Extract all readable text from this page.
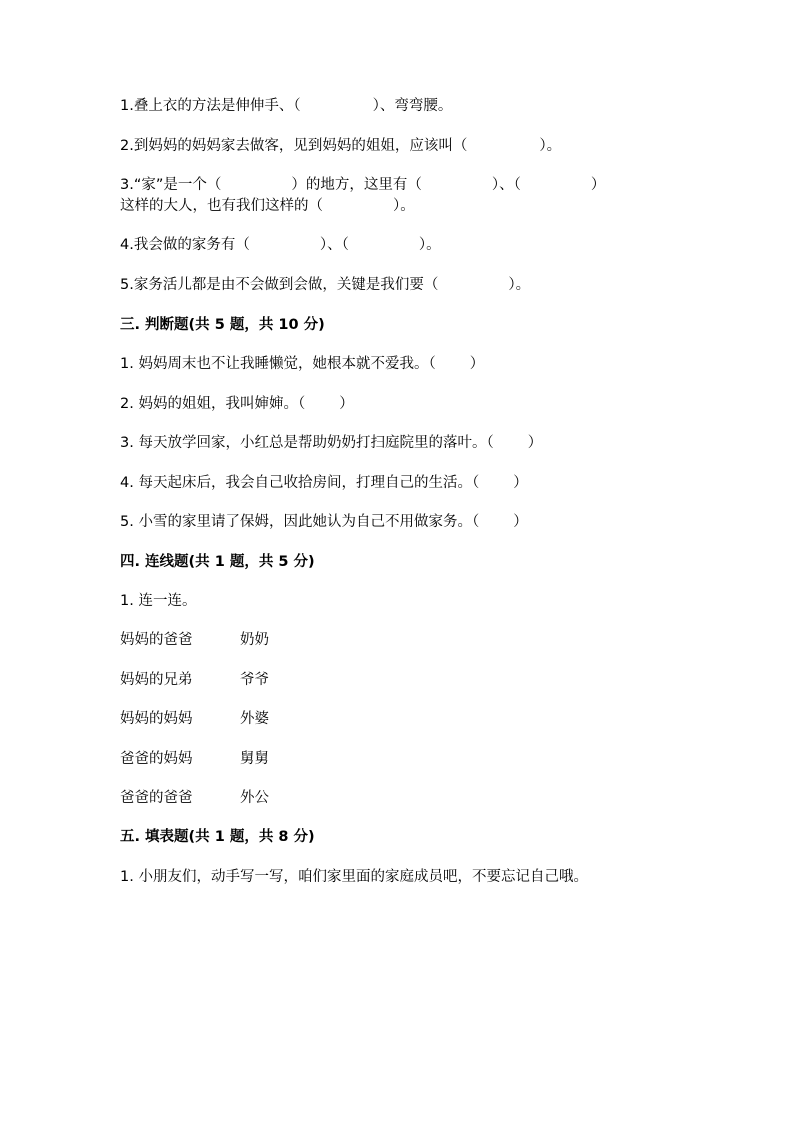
1.叠上衣的方法是伸伸手、（	）、弯弯腰。
2.到妈妈的妈妈家去做客，见到妈妈的姐姐，应该叫（	）。
3.“家”是一个（	）的地方，这里有（	）、（	）
这样的大人，也有我们这样的（	）。
4.我会做的家务有（	）、（	）。
5.家务活儿都是由不会做到会做，关键是我们要（	）。
三. 判断题(共 5 题，共 10 分)
1. 妈妈周末也不让我睡懒觉，她根本就不爱我。（ ）
2. 妈妈的姐姐，我叫婶婶。（ ）
3. 每天放学回家，小红总是帮助奶奶打扫庭院里的落叶。（ ）
4. 每天起床后，我会自己收拾房间，打理自己的生活。（ ）
5. 小雪的家里请了保姆，因此她认为自己不用做家务。（ ）
四. 连线题(共 1 题，共 5 分)
1. 连一连。
妈妈的爸爸	奶奶
妈妈的兄弟	爷爷
妈妈的妈妈	外婆
爸爸的妈妈	舅舅
爸爸的爸爸	外公
五. 填表题(共 1 题，共 8 分)
1. 小朋友们，动手写一写，咱们家里面的家庭成员吧，不要忘记自己哦。
